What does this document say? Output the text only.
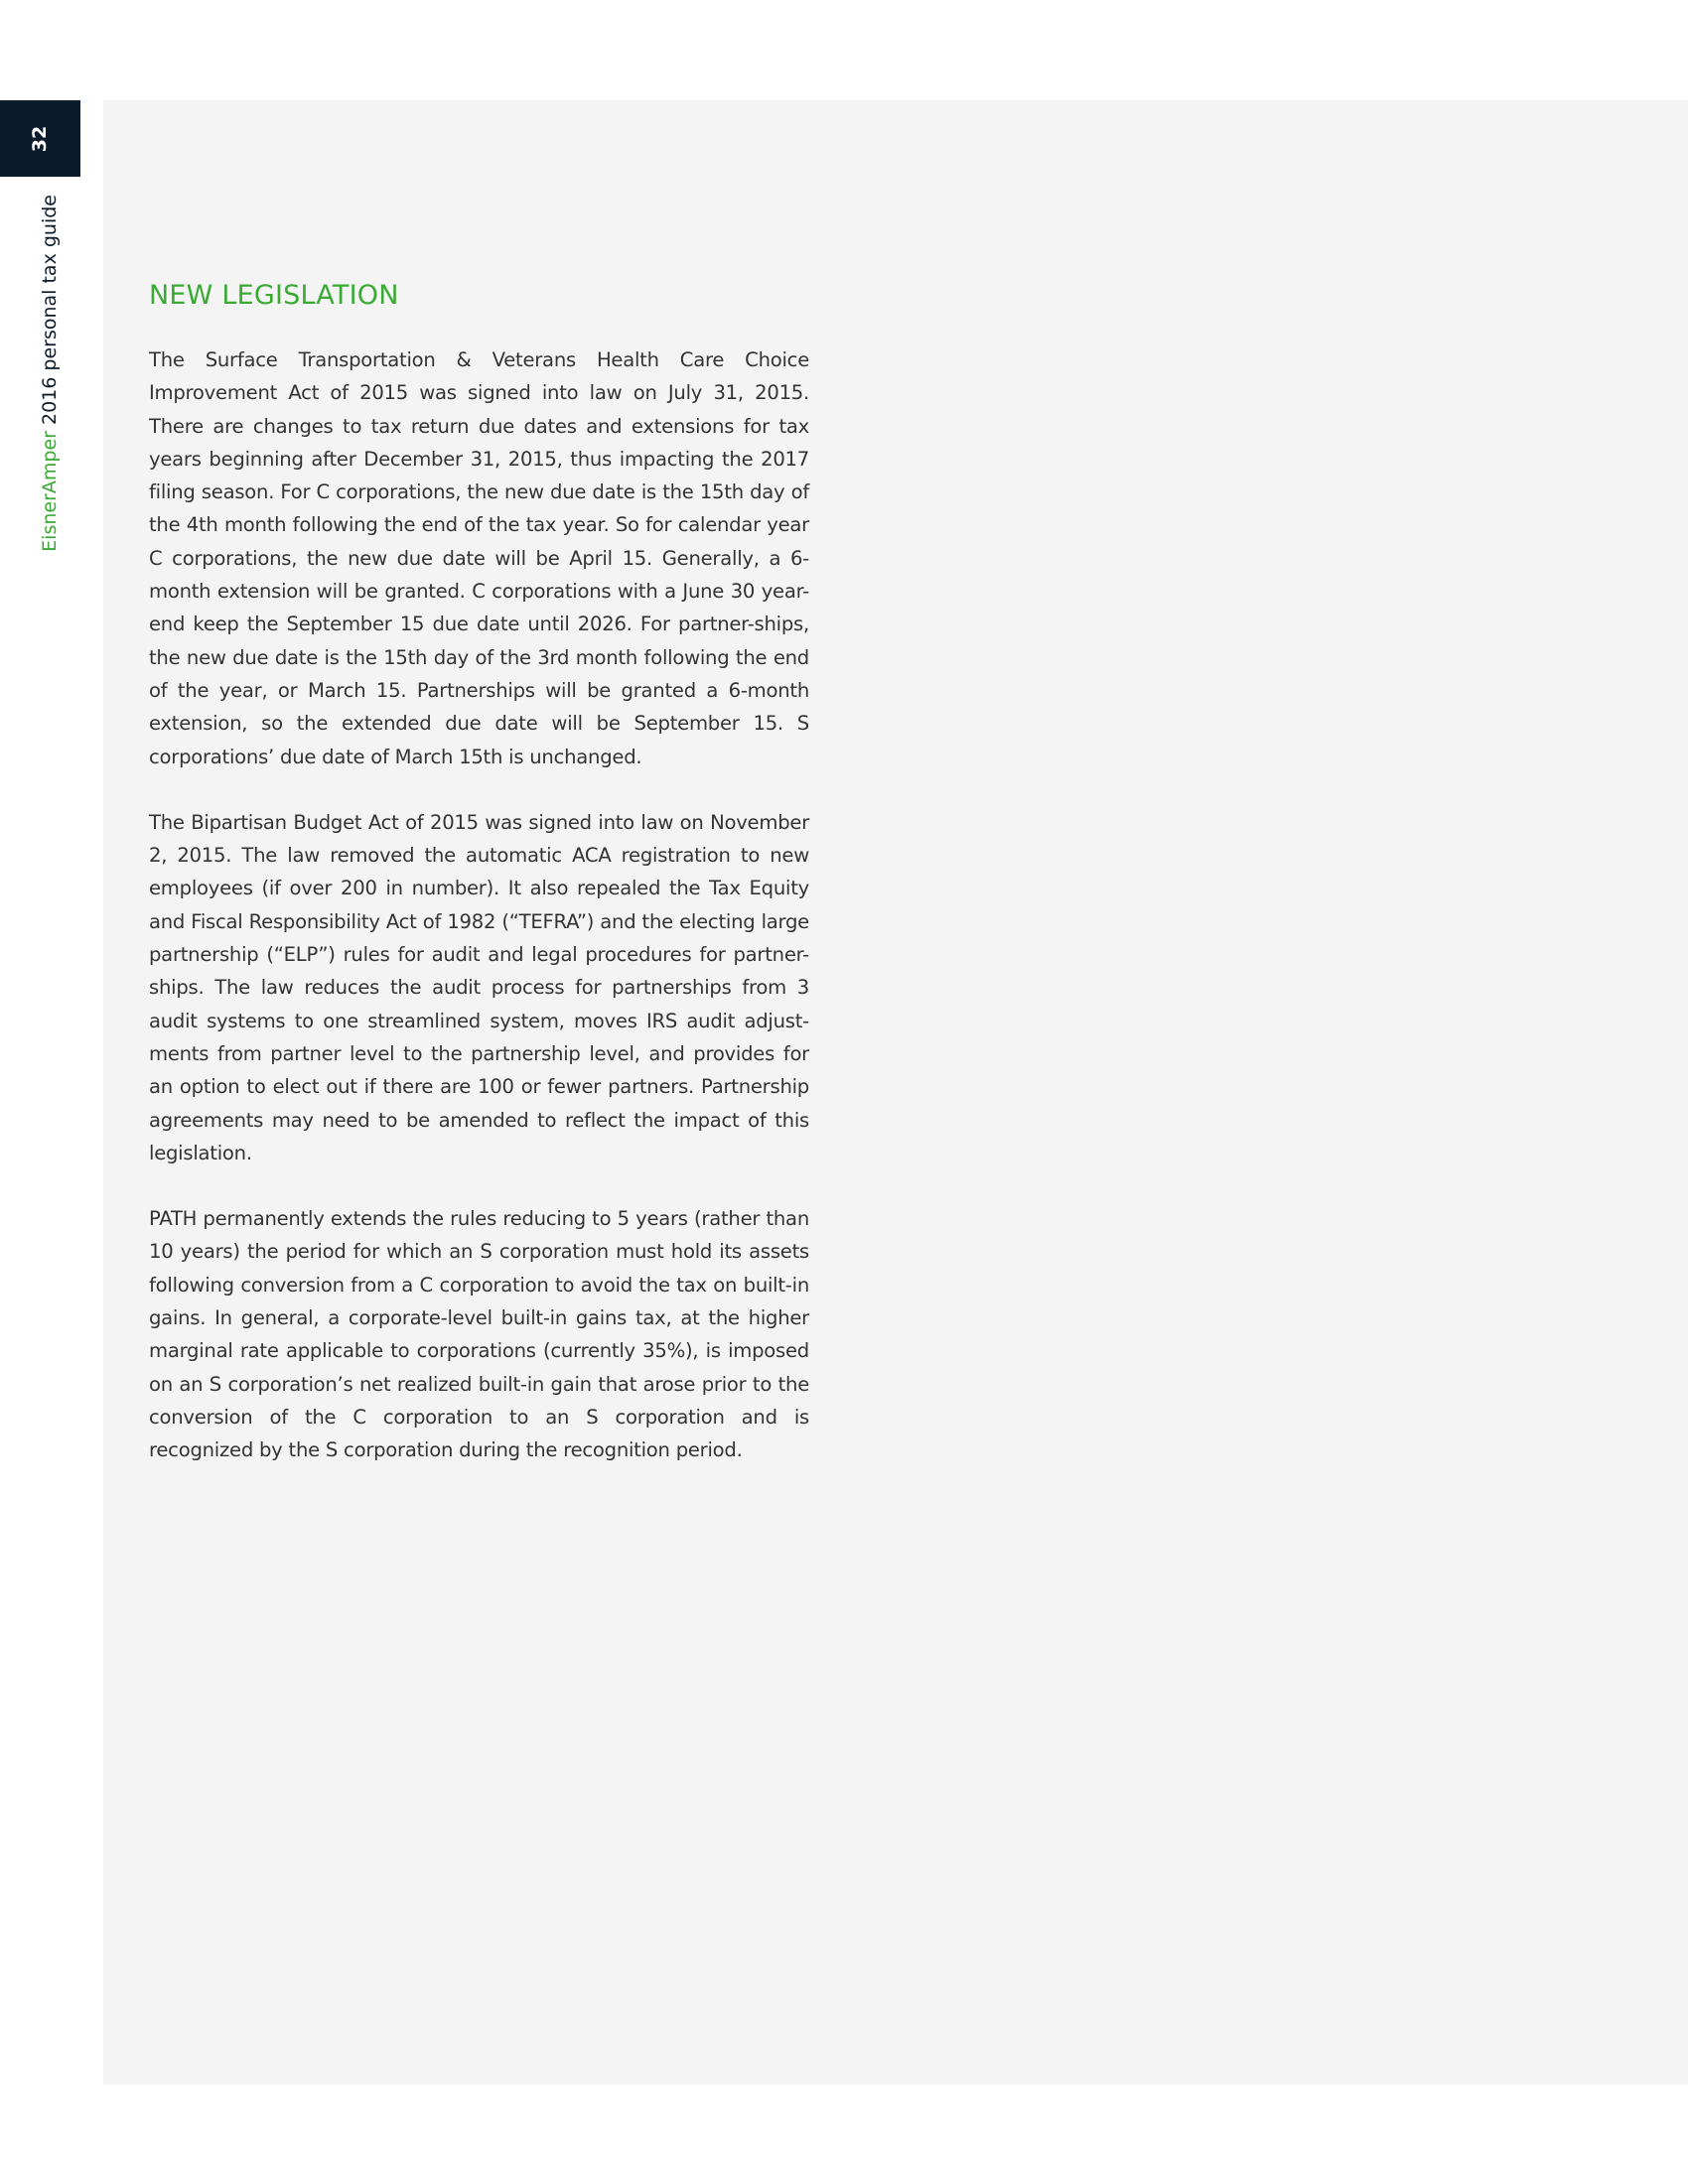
32
EisnerAmper 2016 personal tax guide	NEW LEGISLATION

The Surface Transportation & Veterans Health Care Choice Improvement Act of 2015 was signed into law on July 31, 2015. There are changes to tax return due dates and extensions for tax years beginning after December 31, 2015, thus impacting the 2017 filing season. For C corporations, the new due date is the 15th day of the 4th month following the end of the tax year. So for calendar year C corporations, the new due date will be April 15. Generally, a 6-month extension will be granted. C corporations with a June 30 year-end keep the September 15 due date until 2026. For partner-ships, the new due date is the 15th day of the 3rd month following the end of the year, or March 15. Partnerships will be granted a 6-month extension, so the extended due date will be September 15. S corporations’ due date of March 15th is unchanged.

The Bipartisan Budget Act of 2015 was signed into law on November 2, 2015. The law removed the automatic ACA registration to new employees (if over 200 in number). It also repealed the Tax Equity and Fiscal Responsibility Act of 1982 (“TEFRA”) and the electing large partnership (“ELP”) rules for audit and legal procedures for partner-ships. The law reduces the audit process for partnerships from 3 audit systems to one streamlined system, moves IRS audit adjust-ments from partner level to the partnership level, and provides for an option to elect out if there are 100 or fewer partners. Partnership agreements may need to be amended to reflect the impact of this legislation.

PATH permanently extends the rules reducing to 5 years (rather than 10 years) the period for which an S corporation must hold its assets following conversion from a C corporation to avoid the tax on built-in gains. In general, a corporate-level built-in gains tax, at the higher marginal rate applicable to corporations (currently 35%), is imposed on an S corporation’s net realized built-in gain that arose prior to the conversion of the C corporation to an S corporation and is recognized by the S corporation during the recognition period.
